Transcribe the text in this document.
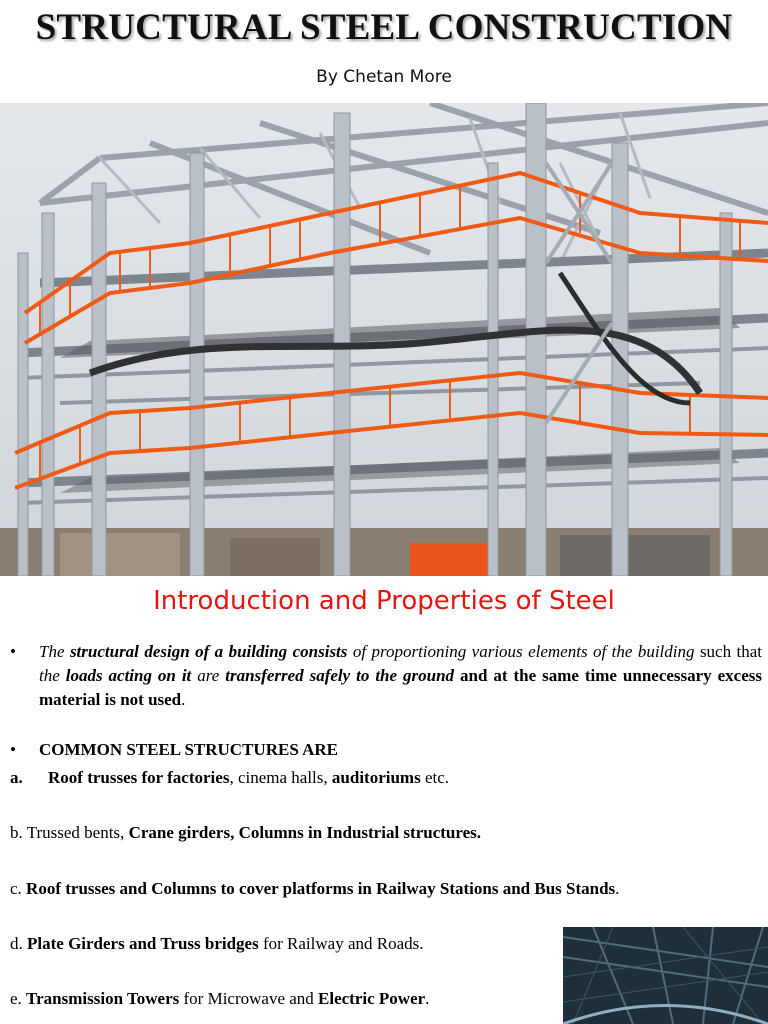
STRUCTURAL STEEL CONSTRUCTION
By Chetan More
Introduction and Properties of Steel
• The structural design of a building consists of proportioning various elements of the building such that the loads acting on it are transferred safely to the ground and at the same time unnecessary excess material is not used.
• COMMON STEEL STRUCTURES ARE
a. Roof trusses for factories, cinema halls, auditoriums etc.
b. Trussed bents, Crane girders, Columns in Industrial structures.
c. Roof trusses and Columns to cover platforms in Railway Stations and Bus Stands.
d. Plate Girders and Truss bridges for Railway and Roads.
e. Transmission Towers for Microwave and Electric Power.
